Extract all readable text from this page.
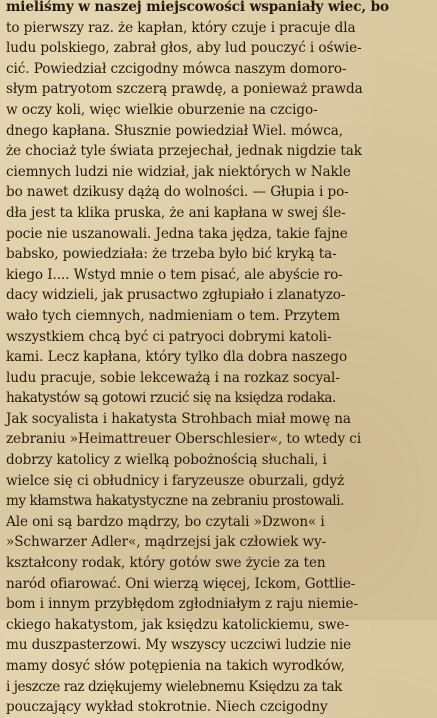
mieliśmy w naszej miejscowości wspaniały wiec, bo
to pierwszy raz. że kapłan, który czuje i pracuje dla
ludu polskiego, zabrał głos, aby lud pouczyć i oświe-
cić. Powiedział czcigodny mówca naszym domoro-
słym patryotom szczerą prawdę, a ponieważ prawda
w oczy koli, więc wielkie oburzenie na czcigo-
dnego kapłana. Słusznie powiedział Wiel. mówca,
że chociaż tyle świata przejechał, jednak nigdzie tak
ciemnych ludzi nie widział, jak niektórych w Nakle
bo nawet dzikusy dążą do wolności. — Głupia i po-
dła jest ta klika pruska, że ani kapłana w swej śle-
pocie nie uszanowali. Jedna taka jędza, takie fajne
babsko, powiedziała: że trzeba było bić kryką ta-
kiego I.... Wstyd mnie o tem pisać, ale abyście ro-
dacy widzieli, jak prusactwo zgłupiało i zlanatyzo-
wało tych ciemnych, nadmieniam o tem. Przytem
wszystkiem chcą być ci patryoci dobrymi katoli-
kami. Lecz kapłana, który tylko dla dobra naszego
ludu pracuje, sobie lekceważą i na rozkaz socyal-
hakatystów są gotowi rzucić się na księdza rodaka.
Jak socyalista i hakatysta Strohbach miał mowę na
zebraniu »Heimattreuer Oberschlesier«, to wtedy ci
dobrzy katolicy z wielką pobożnością słuchali, i
wielce się ci obłudnicy i faryzeusze oburzali, gdyż
my kłamstwa hakatystyczne na zebraniu prostowali.
Ale oni są bardzo mądrzy, bo czytali »Dzwon« i
»Schwarzer Adler«, mądrzejsi jak człowiek wy-
kształcony rodak, który gotów swe życie za ten
naród ofiarować. Oni wierzą więcej, Ickom, Gottlie-
bom i innym przybłędom zgłodniałym z raju niemie-
ckiego hakatystom, jak księdzu katolickiemu, swe-
mu duszpasterzowi. My wszyscy uczciwi ludzie nie
mamy dosyć słów potępienia na takich wyrodków,
i jeszcze raz dziękujemy wielebnemu Księdzu za tak
pouczający wykład stokrotnie. Niech czcigodny
